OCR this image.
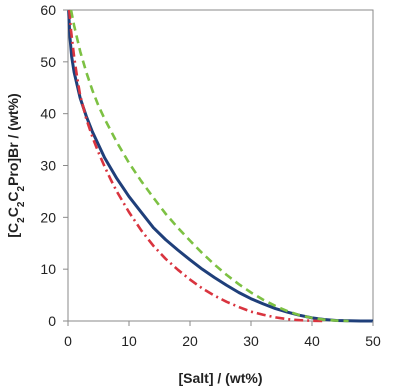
0	10	20	30	40	50
0
10
20
30
40
50
60
[Salt] / (wt%)
$[C_2C_2C_2Pro]Br / (wt\%)$
